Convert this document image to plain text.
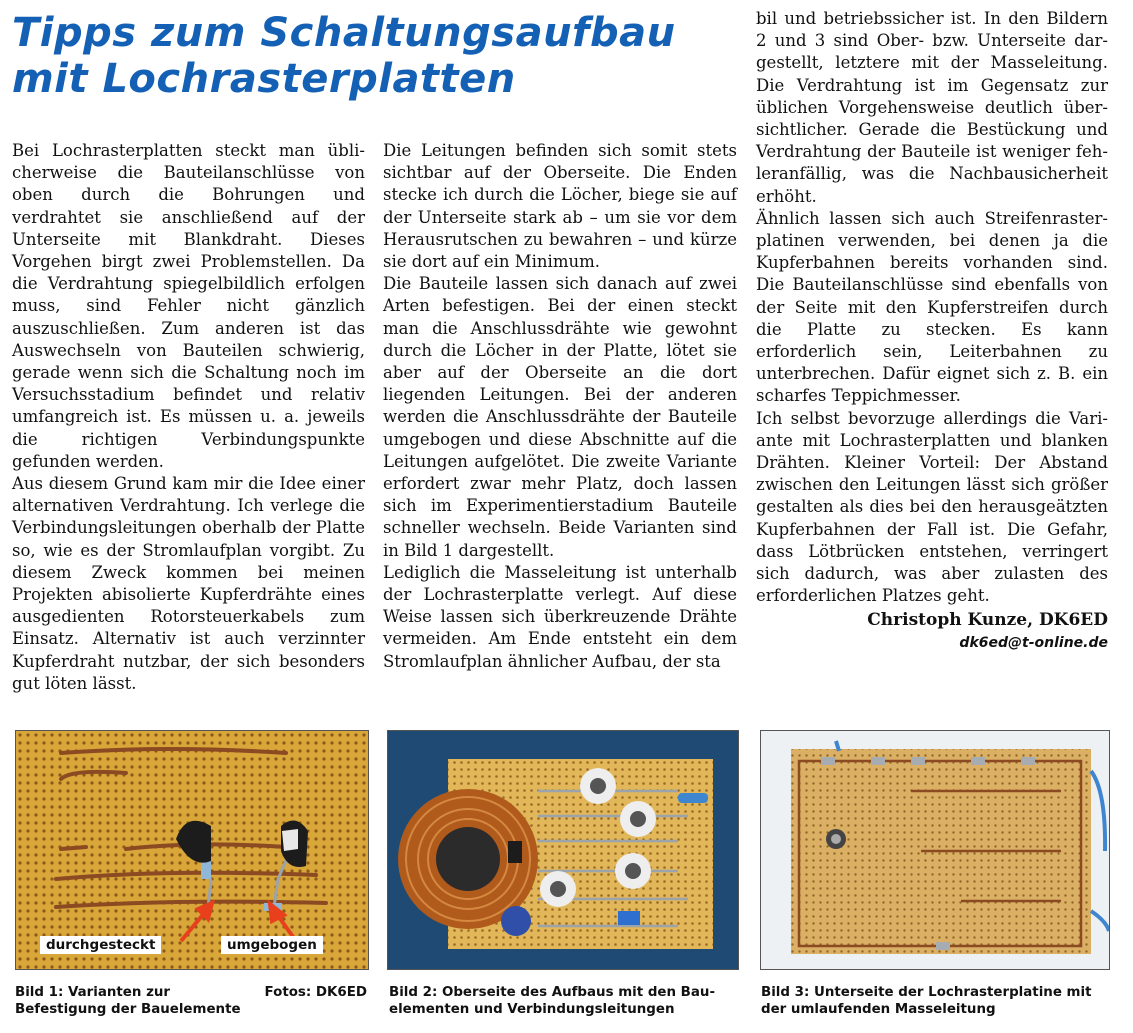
Tipps zum Schaltungsaufbau
mit Lochrasterplatten

Bei Lochrasterplatten steckt man üblicherweise die Bauteilanschlüsse von oben durch die Bohrungen und verdrahtet sie anschließend auf der Unterseite mit Blankdraht. Dieses Vorgehen birgt zwei Problemstellen. Da die Verdrahtung spiegelbildlich erfolgen muss, sind Fehler nicht gänzlich auszuschließen. Zum anderen ist das Auswechseln von Bauteilen schwierig, gerade wenn sich die Schaltung noch im Versuchsstadium befindet und relativ umfangreich ist. Es müssen u. a. jeweils die richtigen Verbindungspunkte gefunden werden.

Aus diesem Grund kam mir die Idee einer alternativen Verdrahtung. Ich verlege die Verbindungsleitungen oberhalb der Platte so, wie es der Stromlaufplan vorgibt. Zu diesem Zweck kommen bei meinen Projekten abisolierte Kupferdrähte eines ausgedienten Rotorsteuerkabels zum Einsatz. Alternativ ist auch verzinnter Kupferdraht nutzbar, der sich besonders gut löten lässt.

Die Leitungen befinden sich somit stets sichtbar auf der Oberseite. Die Enden stecke ich durch die Löcher, biege sie auf der Unterseite stark ab – um sie vor dem Herausrutschen zu bewahren – und kürze sie dort auf ein Minimum.

Die Bauteile lassen sich danach auf zwei Arten befestigen. Bei der einen steckt man die Anschlussdrähte wie gewohnt durch die Löcher in der Platte, lötet sie aber auf der Oberseite an die dort liegenden Leitungen. Bei der anderen werden die Anschlussdrähte der Bauteile umgebogen und diese Abschnitte auf die Leitungen aufgelötet. Die zweite Variante erfordert zwar mehr Platz, doch lassen sich im Experimentierstadium Bauteile schneller wechseln. Beide Varianten sind in Bild 1 dargestellt.

Lediglich die Masseleitung ist unterhalb der Lochrasterplatte verlegt. Auf diese Weise lassen sich überkreuzende Drähte vermeiden. Am Ende entsteht ein dem Stromlaufplan ähnlicher Aufbau, der sta

bil und betriebssicher ist. In den Bildern 2 und 3 sind Ober- bzw. Unterseite dargestellt, letztere mit der Masseleitung. Die Verdrahtung ist im Gegensatz zur üblichen Vorgehensweise deutlich übersichtlicher. Gerade die Bestückung und Verdrahtung der Bauteile ist weniger fehleranfällig, was die Nachbausicherheit erhöht.

Ähnlich lassen sich auch Streifenrasterplatinen verwenden, bei denen ja die Kupferbahnen bereits vorhanden sind. Die Bauteilanschlüsse sind ebenfalls von der Seite mit den Kupferstreifen durch die Platte zu stecken. Es kann erforderlich sein, Leiterbahnen zu unterbrechen. Dafür eignet sich z. B. ein scharfes Teppichmesser.

Ich selbst bevorzuge allerdings die Variante mit Lochrasterplatten und blanken Drähten. Kleiner Vorteil: Der Abstand zwischen den Leitungen lässt sich größer gestalten als dies bei den herausgeätzten Kupferbahnen der Fall ist. Die Gefahr, dass Lötbrücken entstehen, verringert sich dadurch, was aber zulasten des erforderlichen Platzes geht.

Christoph Kunze, DK6ED
dk6ed@t-online.de
durchgesteckt	umgebogen
Fotos: DK6ED
Bild 1: Varianten zur Befestigung der Bauelemente
Bild 2: Oberseite des Aufbaus mit den Bauelementen und Verbindungsleitungen
Bild 3: Unterseite der Lochrasterplatine mit der umlaufenden Masseleitung
